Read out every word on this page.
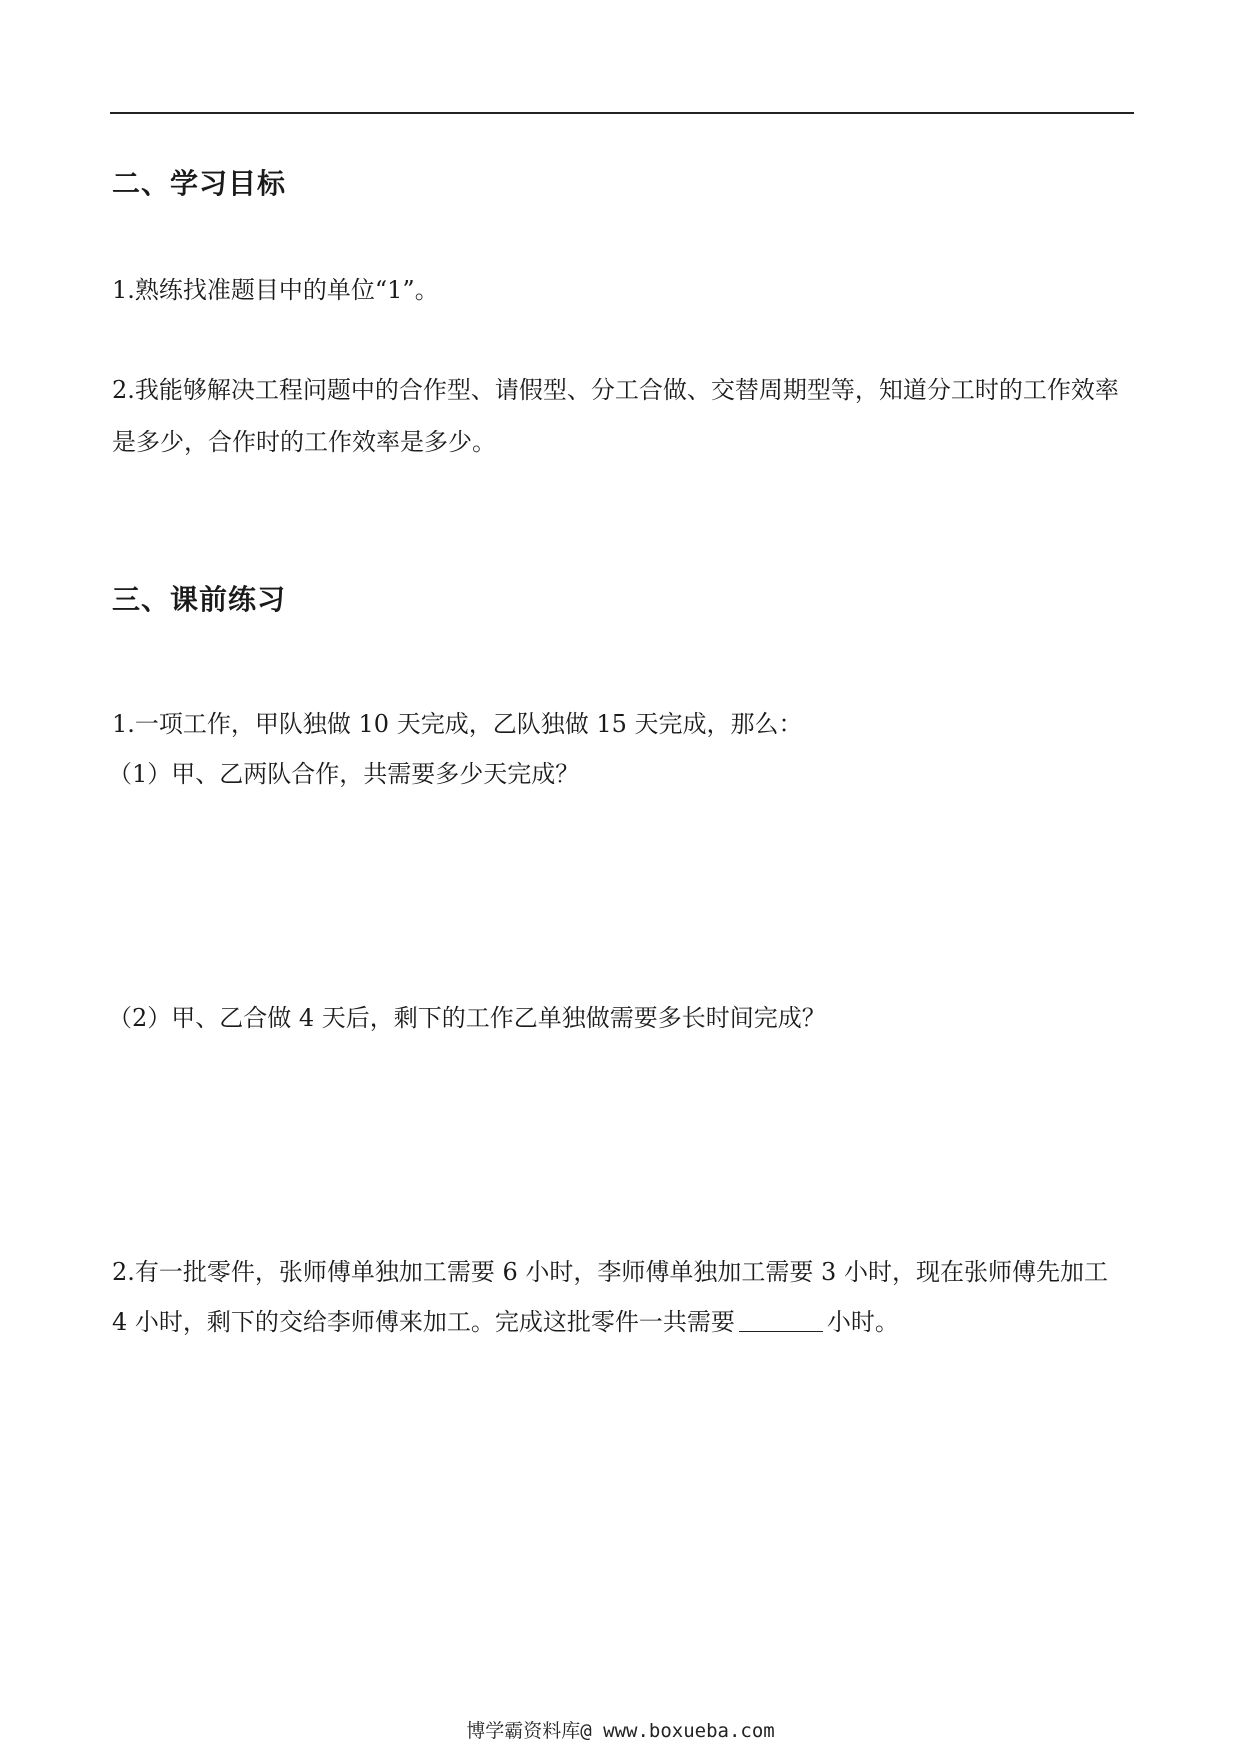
二、学习目标

1.熟练找准题目中的单位“1”。

2.我能够解决工程问题中的合作型、请假型、分工合做、交替周期型等，知道分工时的工作效率是多少，合作时的工作效率是多少。

三、课前练习

1.一项工作，甲队独做 10 天完成，乙队独做 15 天完成，那么：

（1）甲、乙两队合作，共需要多少天完成？

（2）甲、乙合做 4 天后，剩下的工作乙单独做需要多长时间完成？

2.有一批零件，张师傅单独加工需要 6 小时，李师傅单独加工需要 3 小时，现在张师傅先加工

4 小时，剩下的交给李师傅来加工。完成这批零件一共需要	小时。

博学霸资料库@ www.boxueba.com
